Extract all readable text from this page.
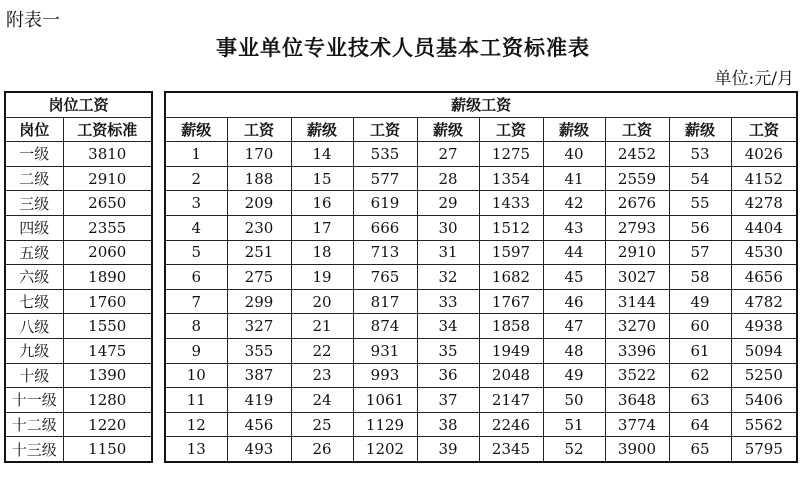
附表一
事业单位专业技术人员基本工资标准表
单位:元/月
岗位工资	
岗位	工资标准
一级	3810
二级	2910
三级	2650
四级	2355
五级	2060
六级	1890
七级	1760
八级	1550
九级	1475
十级	1390
十一级	1280
十二级	1220
十三级	1150
薪级工资									
薪级	工资	薪级	工资	薪级	工资	薪级	工资	薪级	工资
1	170	14	535	27	1275	40	2452	53	4026
2	188	15	577	28	1354	41	2559	54	4152
3	209	16	619	29	1433	42	2676	55	4278
4	230	17	666	30	1512	43	2793	56	4404
5	251	18	713	31	1597	44	2910	57	4530
6	275	19	765	32	1682	45	3027	58	4656
7	299	20	817	33	1767	46	3144	49	4782
8	327	21	874	34	1858	47	3270	60	4938
9	355	22	931	35	1949	48	3396	61	5094
10	387	23	993	36	2048	49	3522	62	5250
11	419	24	1061	37	2147	50	3648	63	5406
12	456	25	1129	38	2246	51	3774	64	5562
13	493	26	1202	39	2345	52	3900	65	5795
